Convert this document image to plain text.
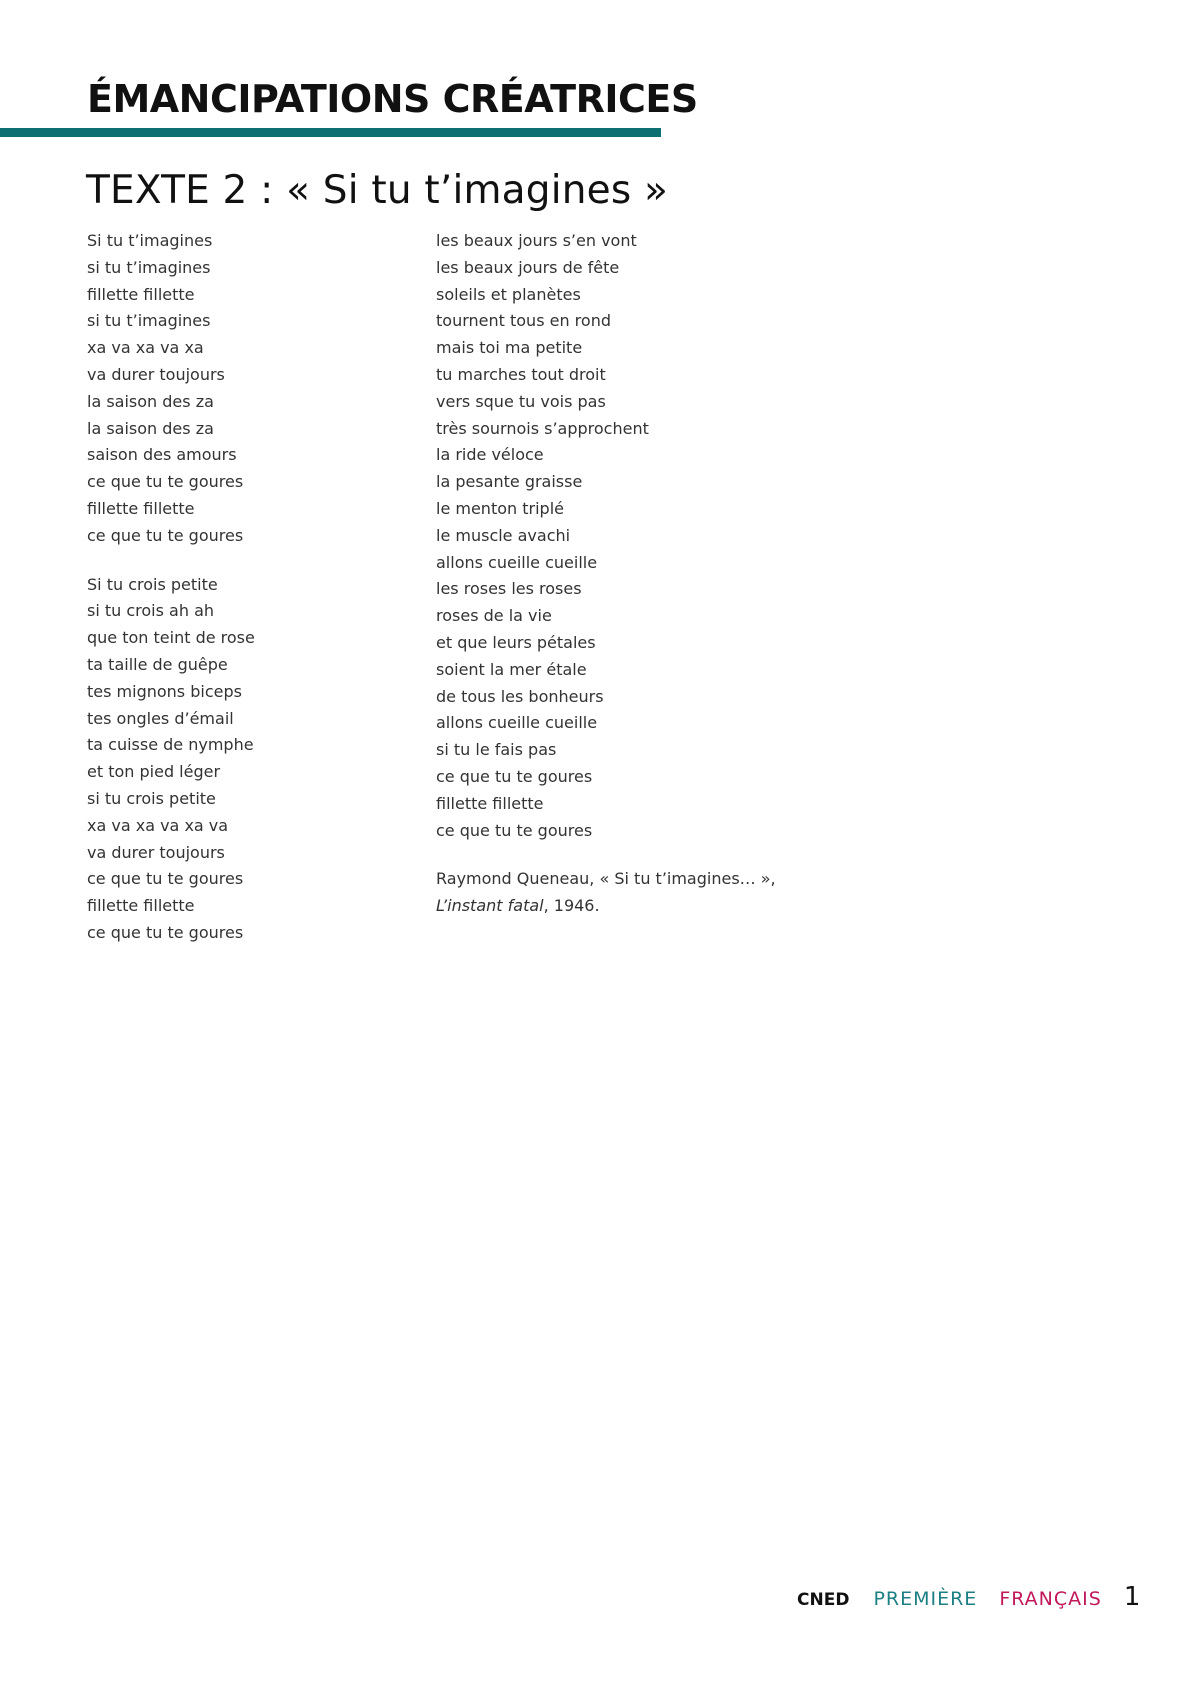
ÉMANCIPATIONS CRÉATRICES
TEXTE 2 : « Si tu t’imagines »
Si tu t’imagines
si tu t’imagines
fillette fillette
si tu t’imagines
xa va xa va xa
va durer toujours
la saison des za
la saison des za
saison des amours
ce que tu te goures
fillette fillette
ce que tu te goures
Si tu crois petite
si tu crois ah ah
que ton teint de rose
ta taille de guêpe
tes mignons biceps
tes ongles d’émail
ta cuisse de nymphe
et ton pied léger
si tu crois petite
xa va xa va xa va
va durer toujours
ce que tu te goures
fillette fillette
ce que tu te goures
les beaux jours s’en vont
les beaux jours de fête
soleils et planètes
tournent tous en rond
mais toi ma petite
tu marches tout droit
vers sque tu vois pas
très sournois s’approchent
la ride véloce
la pesante graisse
le menton triplé
le muscle avachi
allons cueille cueille
les roses les roses
roses de la vie
et que leurs pétales
soient la mer étale
de tous les bonheurs
allons cueille cueille
si tu le fais pas
ce que tu te goures
fillette fillette
ce que tu te goures
Raymond Queneau, « Si tu t’imagines… »,
L’instant fatal, 1946.
CNED PREMIÈRE FRANÇAIS 1
